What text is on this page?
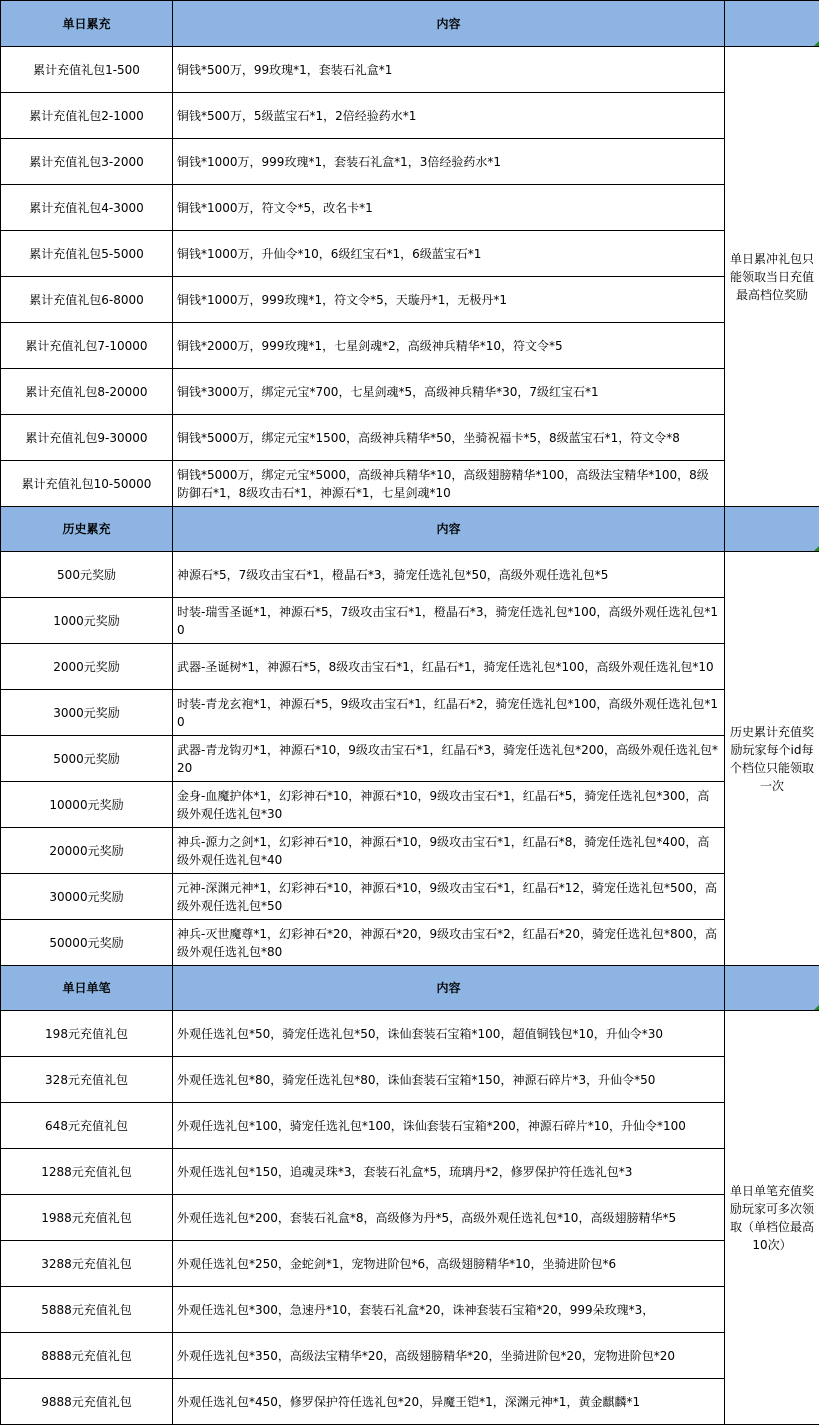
单日累充	内容	

累计充值礼包1-500	铜钱*500万，99玫瑰*1，套装石礼盒*1	单日累冲礼包只能领取当日充值最高档位奖励
累计充值礼包2-1000	铜钱*500万，5级蓝宝石*1，2倍经验药水*1	
累计充值礼包3-2000	铜钱*1000万，999玫瑰*1，套装石礼盒*1，3倍经验药水*1	
累计充值礼包4-3000	铜钱*1000万，符文令*5，改名卡*1	
累计充值礼包5-5000	铜钱*1000万，升仙令*10，6级红宝石*1，6级蓝宝石*1	
累计充值礼包6-8000	铜钱*1000万，999玫瑰*1，符文令*5，天璇丹*1，无极丹*1	
累计充值礼包7-10000	铜钱*2000万，999玫瑰*1，七星剑魂*2，高级神兵精华*10，符文令*5	
累计充值礼包8-20000	铜钱*3000万，绑定元宝*700，七星剑魂*5，高级神兵精华*30，7级红宝石*1	
累计充值礼包9-30000	铜钱*5000万，绑定元宝*1500，高级神兵精华*50，坐骑祝福卡*5，8级蓝宝石*1，符文令*8	
累计充值礼包10-50000	铜钱*5000万，绑定元宝*5000，高级神兵精华*10，高级翅膀精华*100，高级法宝精华*100，8级防御石*1，8级攻击石*1，神源石*1，七星剑魂*10	
历史累充	内容	

500元奖励	神源石*5，7级攻击宝石*1，橙晶石*3，骑宠任选礼包*50，高级外观任选礼包*5	历史累计充值奖励玩家每个id每个档位只能领取一次
1000元奖励	时装-瑞雪圣诞*1，神源石*5，7级攻击宝石*1，橙晶石*3，骑宠任选礼包*100，高级外观任选礼包*10	
2000元奖励	武器-圣诞树*1，神源石*5，8级攻击宝石*1，红晶石*1，骑宠任选礼包*100，高级外观任选礼包*10	
3000元奖励	时装-青龙玄袍*1，神源石*5，9级攻击宝石*1，红晶石*2，骑宠任选礼包*100，高级外观任选礼包*10	
5000元奖励	武器-青龙钩刃*1，神源石*10，9级攻击宝石*1，红晶石*3，骑宠任选礼包*200，高级外观任选礼包*20	
10000元奖励	金身-血魔护体*1，幻彩神石*10，神源石*10，9级攻击宝石*1，红晶石*5，骑宠任选礼包*300，高级外观任选礼包*30	
20000元奖励	神兵-源力之剑*1，幻彩神石*10，神源石*10，9级攻击宝石*1，红晶石*8，骑宠任选礼包*400，高级外观任选礼包*40	
30000元奖励	元神-深渊元神*1，幻彩神石*10，神源石*10，9级攻击宝石*1，红晶石*12，骑宠任选礼包*500，高级外观任选礼包*50	
50000元奖励	神兵-灭世魔尊*1，幻彩神石*20，神源石*20，9级攻击宝石*2，红晶石*20，骑宠任选礼包*800，高级外观任选礼包*80	
单日单笔	内容	

198元充值礼包	外观任选礼包*50，骑宠任选礼包*50，诛仙套装石宝箱*100，超值铜钱包*10，升仙令*30	单日单笔充值奖励玩家可多次领取（单档位最高10次）
328元充值礼包	外观任选礼包*80，骑宠任选礼包*80，诛仙套装石宝箱*150，神源石碎片*3，升仙令*50	
648元充值礼包	外观任选礼包*100，骑宠任选礼包*100，诛仙套装石宝箱*200，神源石碎片*10，升仙令*100	
1288元充值礼包	外观任选礼包*150，追魂灵珠*3，套装石礼盒*5，琉璃丹*2，修罗保护符任选礼包*3	
1988元充值礼包	外观任选礼包*200，套装石礼盒*8，高级修为丹*5，高级外观任选礼包*10，高级翅膀精华*5	
3288元充值礼包	外观任选礼包*250，金蛇剑*1，宠物进阶包*6，高级翅膀精华*10，坐骑进阶包*6	
5888元充值礼包	外观任选礼包*300，急速丹*10，套装石礼盒*20，诛神套装石宝箱*20，999朵玫瑰*3，	
8888元充值礼包	外观任选礼包*350，高级法宝精华*20，高级翅膀精华*20，坐骑进阶包*20，宠物进阶包*20	
9888元充值礼包	外观任选礼包*450，修罗保护符任选礼包*20，异魔王铠*1，深渊元神*1，黄金麒麟*1	
